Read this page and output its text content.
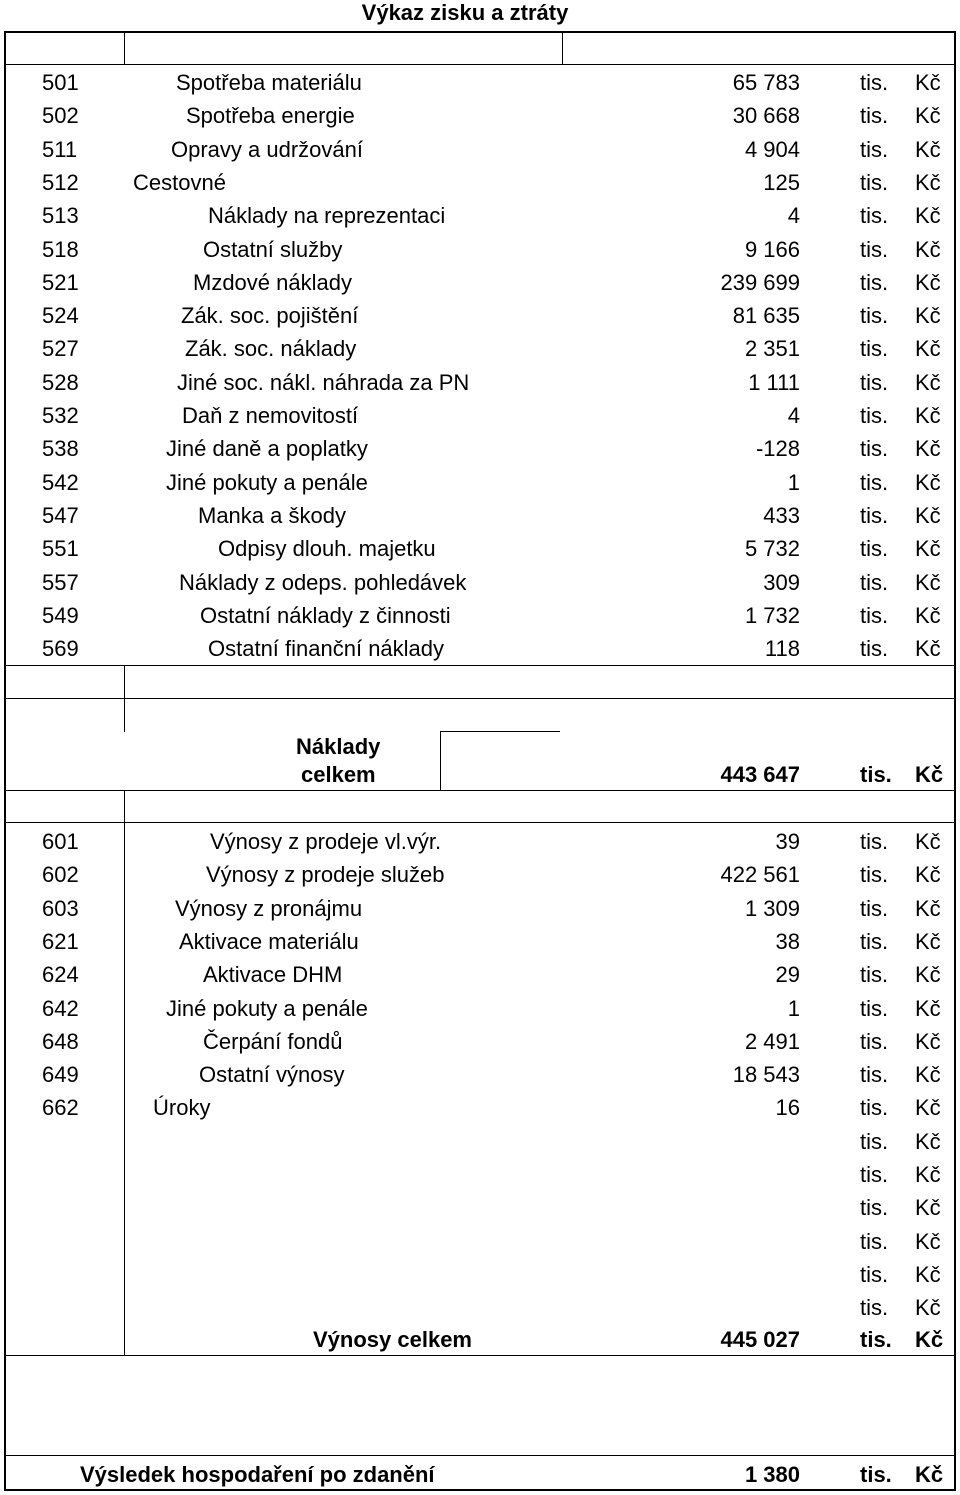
Výkaz zisku a ztráty
501	Spotřeba materiálu	65 783	tis. Kč
502	Spotřeba energie	30 668	tis. Kč
511	Opravy a udržování	4 904	tis. Kč
512 Cestovné	125	tis. Kč
513	Náklady na reprezentaci	4	tis. Kč
518	Ostatní služby	9 166	tis. Kč
521	Mzdové náklady	239 699	tis. Kč
524	Zák. soc. pojištění	81 635	tis. Kč
527	Zák. soc. náklady	2 351	tis. Kč
528	Jiné soc. nákl. náhrada za PN	1 111	tis. Kč
532	Daň z nemovitostí	4	tis. Kč
538	Jiné daně a poplatky	-128	tis. Kč
542	Jiné pokuty a penále	1	tis. Kč
547	Manka a škody	433	tis. Kč
551	Odpisy dlouh. majetku	5 732	tis. Kč
557	Náklady z odeps. pohledávek	309	tis. Kč
549	Ostatní náklady z činnosti	1 732	tis. Kč
569	Ostatní finanční náklady	118	tis. Kč
Náklady
celkem	443 647	tis. Kč
601	Výnosy z prodeje vl.výr.	39	tis. Kč
602	Výnosy z prodeje služeb	422 561	tis. Kč
603	Výnosy z pronájmu	1 309	tis. Kč
621	Aktivace materiálu	38	tis. Kč
624	Aktivace DHM	29	tis. Kč
642	Jiné pokuty a penále	1	tis. Kč
648	Čerpání fondů	2 491	tis. Kč
649	Ostatní výnosy	18 543	tis. Kč
662	Úroky	16	tis. Kč
tis. Kč
tis. Kč
tis. Kč
tis. Kč
tis. Kč
tis. Kč
Výnosy celkem	445 027	tis. Kč
Výsledek hospodaření po zdanění	1 380	tis. Kč
